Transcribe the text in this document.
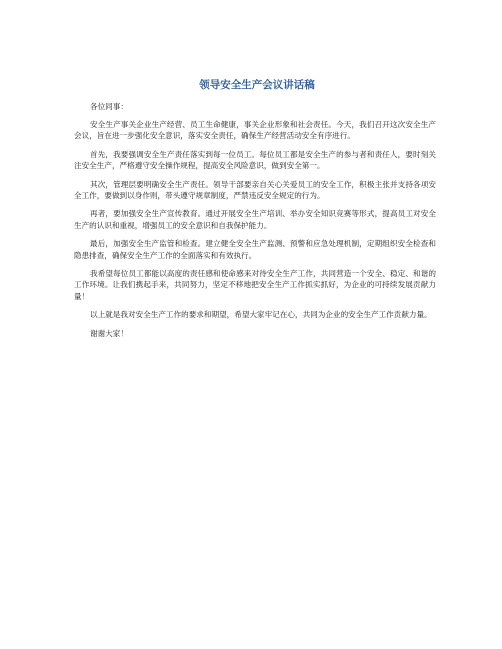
领导安全生产会议讲话稿

各位同事：

安全生产事关企业生产经营、员工生命健康，事关企业形象和社会责任。今天，我们召开这次安全生产会议，旨在进一步强化安全意识，落实安全责任，确保生产经营活动安全有序进行。

首先，我要强调安全生产责任落实到每一位员工。每位员工都是安全生产的参与者和责任人，要时刻关注安全生产，严格遵守安全操作规程，提高安全风险意识，做到安全第一。

其次，管理层要明确安全生产责任。领导干部要亲自关心关爱员工的安全工作，积极主张并支持各项安全工作，要做到以身作则，带头遵守规章制度，严禁违反安全规定的行为。

再者，要加强安全生产宣传教育。通过开展安全生产培训、举办安全知识竞赛等形式，提高员工对安全生产的认识和重视，增强员工的安全意识和自我保护能力。

最后，加强安全生产监管和检查。建立健全安全生产监测、预警和应急处理机制，定期组织安全检查和隐患排查，确保安全生产工作的全面落实和有效执行。

我希望每位员工都能以高度的责任感和使命感来对待安全生产工作，共同营造一个安全、稳定、和谐的工作环境。让我们携起手来，共同努力，坚定不移地把安全生产工作抓实抓好，为企业的可持续发展贡献力量！

以上就是我对安全生产工作的要求和期望，希望大家牢记在心，共同为企业的安全生产工作贡献力量。

谢谢大家！
